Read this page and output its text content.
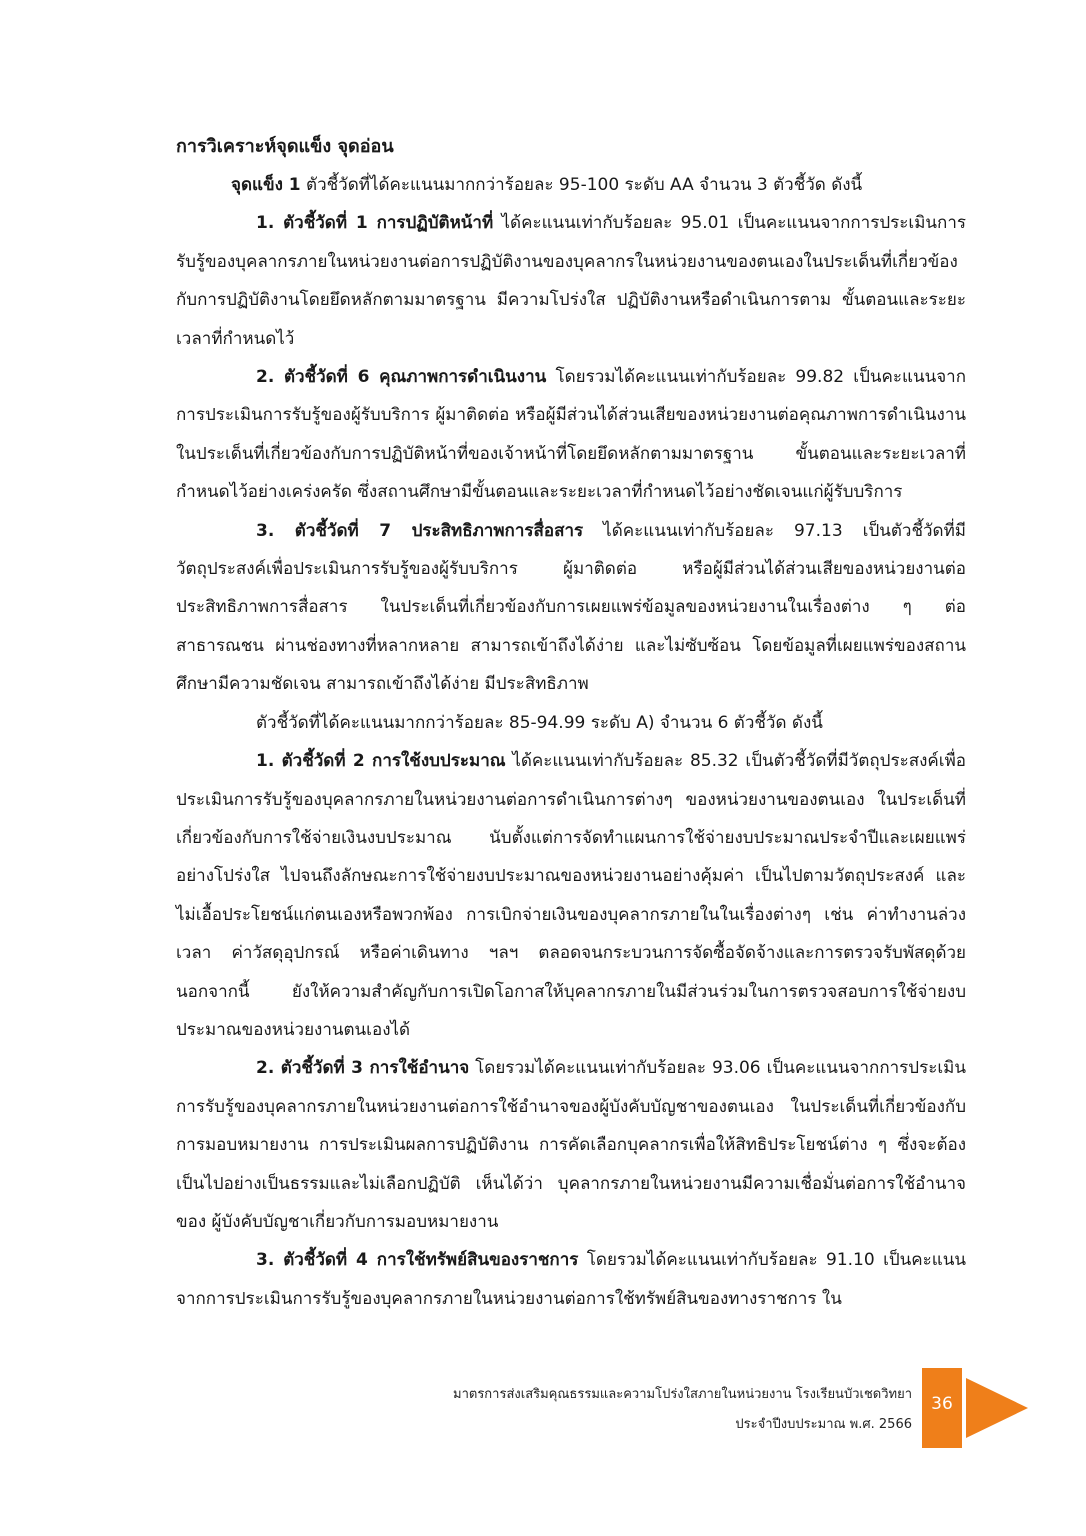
การวิเคราะห์จุดแข็ง จุดอ่อน

จุดแข็ง 1 ตัวชี้วัดที่ได้คะแนนมากกว่าร้อยละ 95-100 ระดับ AA จำนวน 3 ตัวชี้วัด ดังนี้

1. ตัวชี้วัดที่ 1 การปฏิบัติหน้าที่ ได้คะแนนเท่ากับร้อยละ 95.01 เป็นคะแนนจากการประเมินการรับรู้ของบุคลากรภายในหน่วยงานต่อการปฏิบัติงานของบุคลากรในหน่วยงานของตนเองในประเด็นที่เกี่ยวข้องกับการปฏิบัติงานโดยยึดหลักตามมาตรฐาน มีความโปร่งใส ปฏิบัติงานหรือดำเนินการตาม ขั้นตอนและระยะเวลาที่กำหนดไว้

2. ตัวชี้วัดที่ 6 คุณภาพการดำเนินงาน โดยรวมได้คะแนนเท่ากับร้อยละ 99.82 เป็นคะแนนจากการประเมินการรับรู้ของผู้รับบริการ ผู้มาติดต่อ หรือผู้มีส่วนได้ส่วนเสียของหน่วยงานต่อคุณภาพการดำเนินงานในประเด็นที่เกี่ยวข้องกับการปฏิบัติหน้าที่ของเจ้าหน้าที่โดยยึดหลักตามมาตรฐาน ขั้นตอนและระยะเวลาที่กำหนดไว้อย่างเคร่งครัด ซึ่งสถานศึกษามีขั้นตอนและระยะเวลาที่กำหนดไว้อย่างชัดเจนแก่ผู้รับบริการ

3. ตัวชี้วัดที่ 7 ประสิทธิภาพการสื่อสาร ได้คะแนนเท่ากับร้อยละ 97.13 เป็นตัวชี้วัดที่มีวัตถุประสงค์เพื่อประเมินการรับรู้ของผู้รับบริการ ผู้มาติดต่อ หรือผู้มีส่วนได้ส่วนเสียของหน่วยงานต่อประสิทธิภาพการสื่อสาร ในประเด็นที่เกี่ยวข้องกับการเผยแพร่ข้อมูลของหน่วยงานในเรื่องต่าง ๆ ต่อสาธารณชน ผ่านช่องทางที่หลากหลาย สามารถเข้าถึงได้ง่าย และไม่ซับซ้อน โดยข้อมูลที่เผยแพร่ของสถานศึกษามีความชัดเจน สามารถเข้าถึงได้ง่าย มีประสิทธิภาพ

ตัวชี้วัดที่ได้คะแนนมากกว่าร้อยละ 85-94.99 ระดับ A) จำนวน 6 ตัวชี้วัด ดังนี้

1. ตัวชี้วัดที่ 2 การใช้งบประมาณ ได้คะแนนเท่ากับร้อยละ 85.32 เป็นตัวชี้วัดที่มีวัตถุประสงค์เพื่อประเมินการรับรู้ของบุคลากรภายในหน่วยงานต่อการดำเนินการต่างๆ ของหน่วยงานของตนเอง ในประเด็นที่เกี่ยวข้องกับการใช้จ่ายเงินงบประมาณ นับตั้งแต่การจัดทำแผนการใช้จ่ายงบประมาณประจำปีและเผยแพร่อย่างโปร่งใส ไปจนถึงลักษณะการใช้จ่ายงบประมาณของหน่วยงานอย่างคุ้มค่า เป็นไปตามวัตถุประสงค์ และไม่เอื้อประโยชน์แก่ตนเองหรือพวกพ้อง การเบิกจ่ายเงินของบุคลากรภายในในเรื่องต่างๆ เช่น ค่าทำงานล่วงเวลา ค่าวัสดุอุปกรณ์ หรือค่าเดินทาง ฯลฯ ตลอดจนกระบวนการจัดซื้อจัดจ้างและการตรวจรับพัสดุด้วย นอกจากนี้ ยังให้ความสำคัญกับการเปิดโอกาสให้บุคลากรภายในมีส่วนร่วมในการตรวจสอบการใช้จ่ายงบประมาณของหน่วยงานตนเองได้

2. ตัวชี้วัดที่ 3 การใช้อำนาจ โดยรวมได้คะแนนเท่ากับร้อยละ 93.06 เป็นคะแนนจากการประเมินการรับรู้ของบุคลากรภายในหน่วยงานต่อการใช้อำนาจของผู้บังคับบัญชาของตนเอง ในประเด็นที่เกี่ยวข้องกับการมอบหมายงาน การประเมินผลการปฏิบัติงาน การคัดเลือกบุคลากรเพื่อให้สิทธิประโยชน์ต่าง ๆ ซึ่งจะต้อง เป็นไปอย่างเป็นธรรมและไม่เลือกปฏิบัติ เห็นได้ว่า บุคลากรภายในหน่วยงานมีความเชื่อมั่นต่อการใช้อำนาจของ ผู้บังคับบัญชาเกี่ยวกับการมอบหมายงาน

3. ตัวชี้วัดที่ 4 การใช้ทรัพย์สินของราชการ โดยรวมได้คะแนนเท่ากับร้อยละ 91.10 เป็นคะแนนจากการประเมินการรับรู้ของบุคลากรภายในหน่วยงานต่อการใช้ทรัพย์สินของทางราชการ ใน

มาตรการส่งเสริมคุณธรรมและความโปร่งใสภายในหน่วยงาน โรงเรียนบัวเชดวิทยา
ประจำปีงบประมาณ พ.ศ. 2566
36
